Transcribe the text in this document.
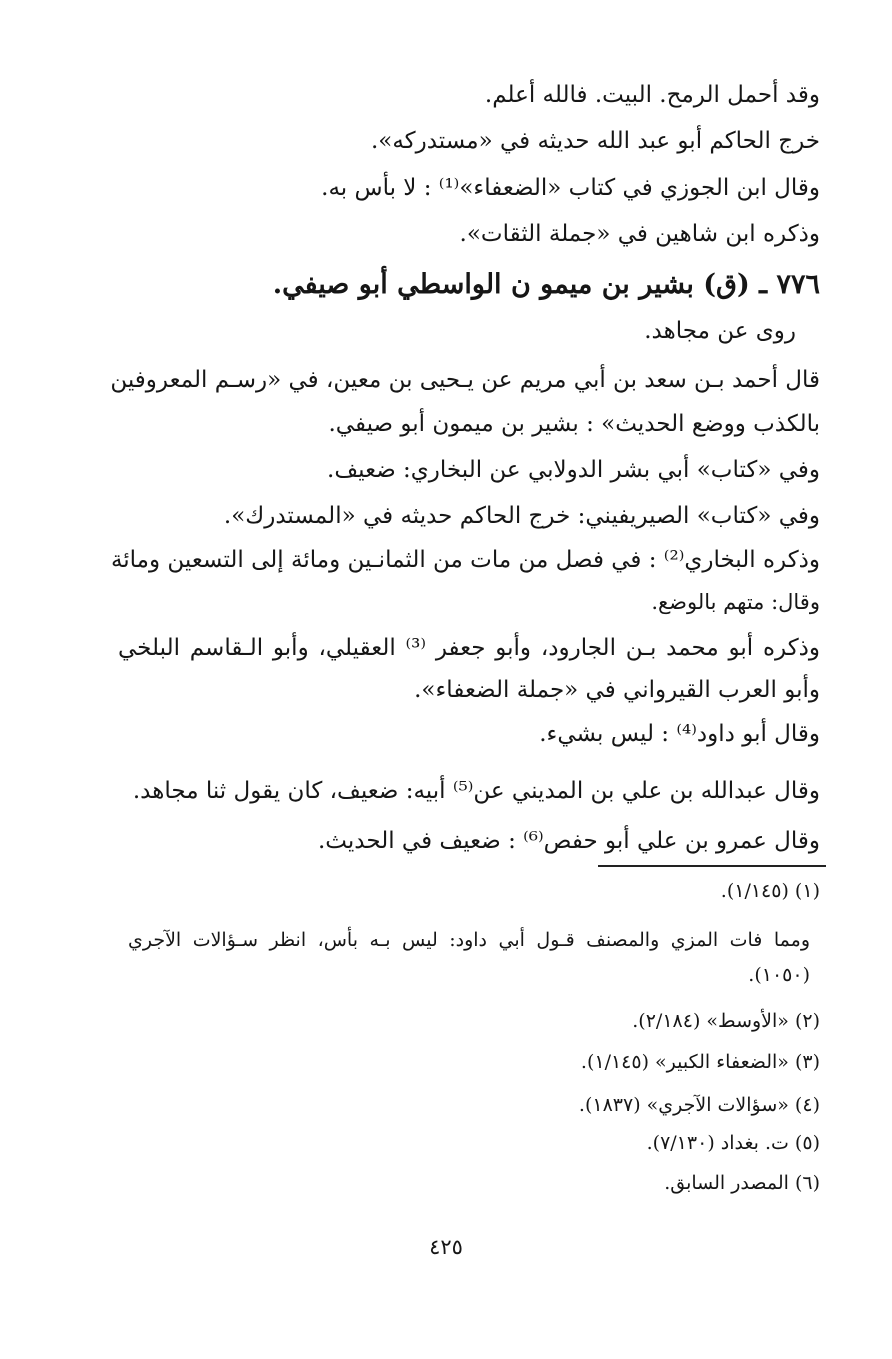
وقد أحمل الرمح. البيت. فالله أعلم.
خرج الحاكم أبو عبد الله حديثه في «مستدركه».
وقال ابن الجوزي في كتاب «الضعفاء»⁽¹⁾ : لا بأس به.
وذكره ابن شاهين في «جملة الثقات».
٧٧٦ ـ (ق) بشير بن ميمو ن الواسطي أبو صيفي.
روى عن مجاهد.
قال أحمد بـن سعد بن أبي مريم عن يـحيى بن معين، في «رسـم المعروفين
بالكذب ووضع الحديث» : بشير بن ميمون أبو صيفي.
وفي «كتاب» أبي بشر الدولابي عن البخاري: ضعيف.
وفي «كتاب» الصيريفيني: خرج الحاكم حديثه في «المستدرك».
وذكره البخاري⁽²⁾ : في فصل من مات من الثمانـين ومائة إلى التسعين ومائة
وقال: متهم بالوضع.
وذكره أبو محمد بـن الجارود، وأبو جعفر ⁽³⁾ العقيلي، وأبو الـقاسم البلخي
وأبو العرب القيرواني في «جملة الضعفاء».
وقال أبو داود⁽⁴⁾ : ليس بشيء.
وقال عبدالله بن علي بن المديني عن⁽⁵⁾ أبيه: ضعيف، كان يقول ثنا مجاهد.
وقال عمرو بن علي أبو حفص⁽⁶⁾ : ضعيف في الحديث.
(١) (١/١٤٥).
ومما فات المزي والمصنف قـول أبي داود: ليس بـه بأس، انظر سـؤالات الآجري
(١٠٥٠).
(٢) «الأوسط» (٢/١٨٤).
(٣) «الضعفاء الكبير» (١/١٤٥).
(٤) «سؤالات الآجري» (١٨٣٧).
(٥) ت. بغداد (٧/١٣٠).
(٦) المصدر السابق.
٤٢٥
